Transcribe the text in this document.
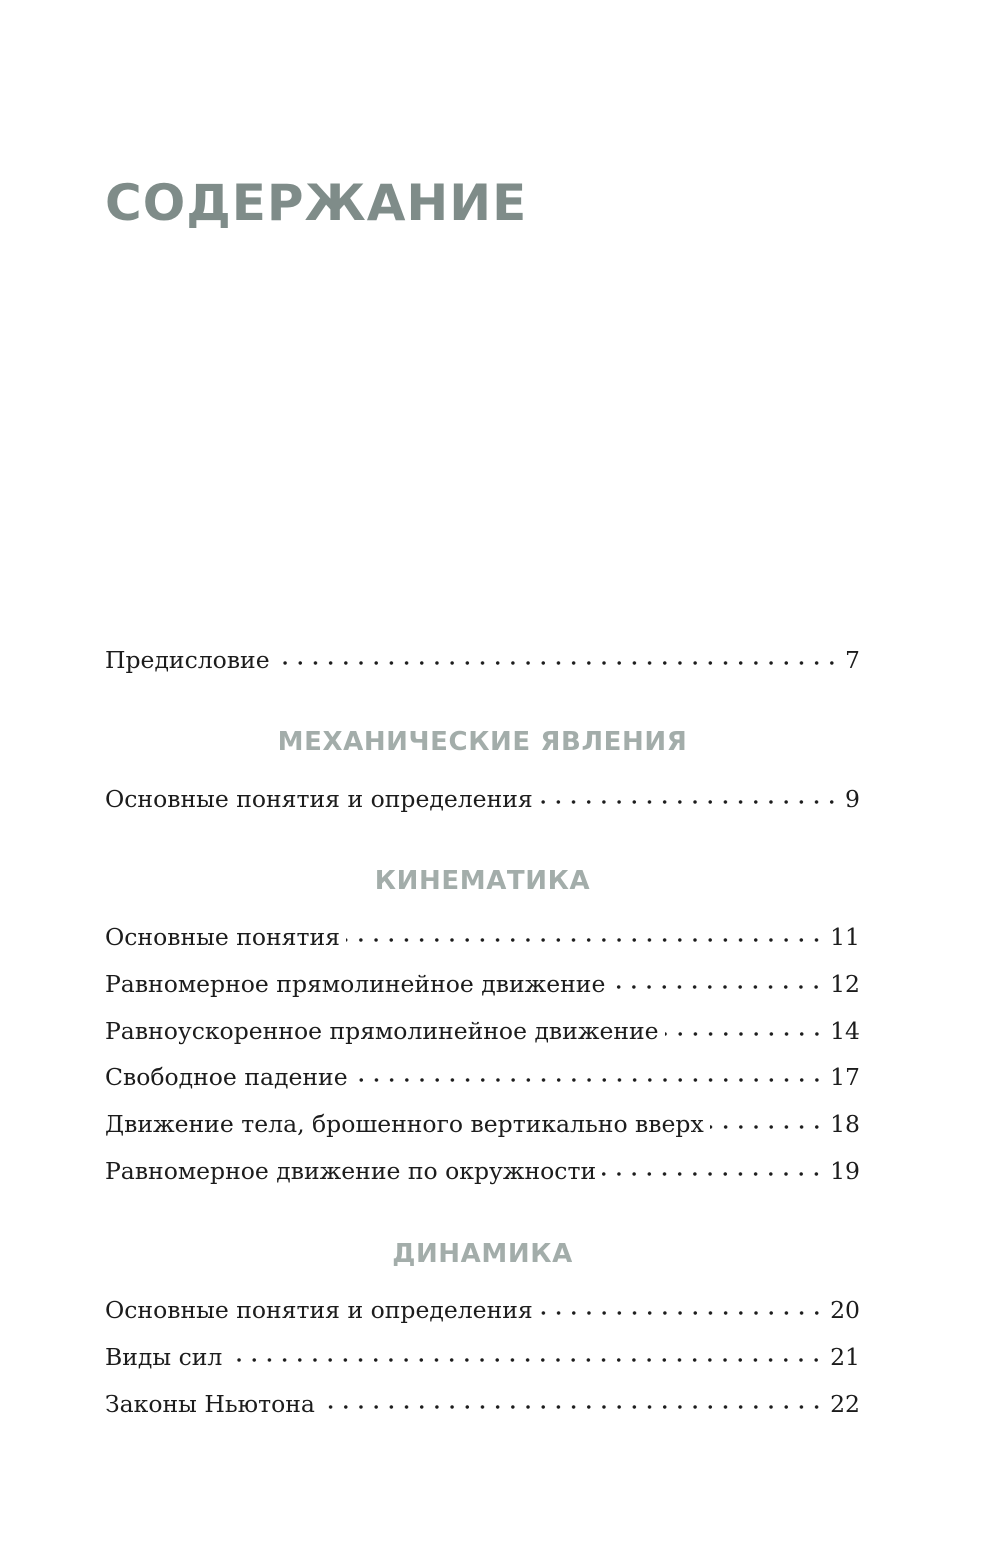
СОДЕРЖАНИЕ
Предисловие	7
МЕХАНИЧЕСКИЕ ЯВЛЕНИЯ
Основные понятия и определения	9
КИНЕМАТИКА
Основные понятия	11
Равномерное прямолинейное движение	12
Равноускоренное прямолинейное движение	14
Свободное падение	17
Движение тела, брошенного вертикально вверх	18
Равномерное движение по окружности	19
ДИНАМИКА
Основные понятия и определения	20
Виды сил	21
Законы Ньютона	22
